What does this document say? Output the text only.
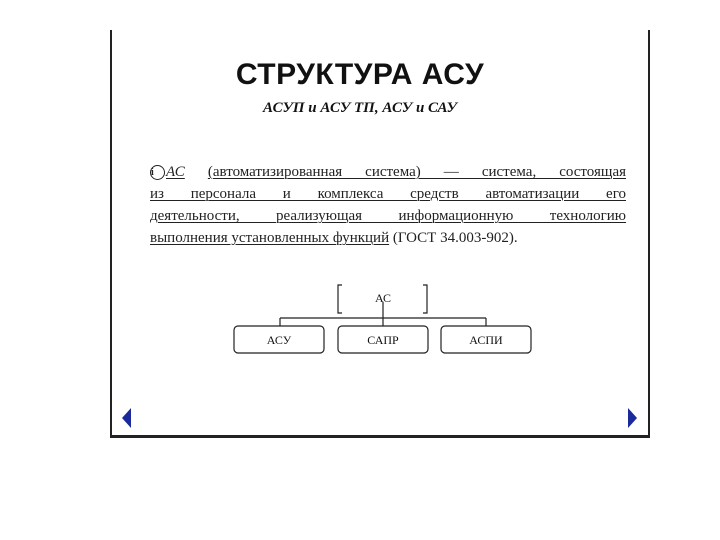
СТРУКТУРА АСУ
АСУП и АСУ ТП, АСУ и САУ
i АС (автоматизированная система) — система, состоящая
из персонала и комплекса средств автоматизации его
деятельности, реализующая информационную технологию
выполнения установленных функций (ГОСТ 34.003-902).
АС
АСУ	САПР	АСПИ
